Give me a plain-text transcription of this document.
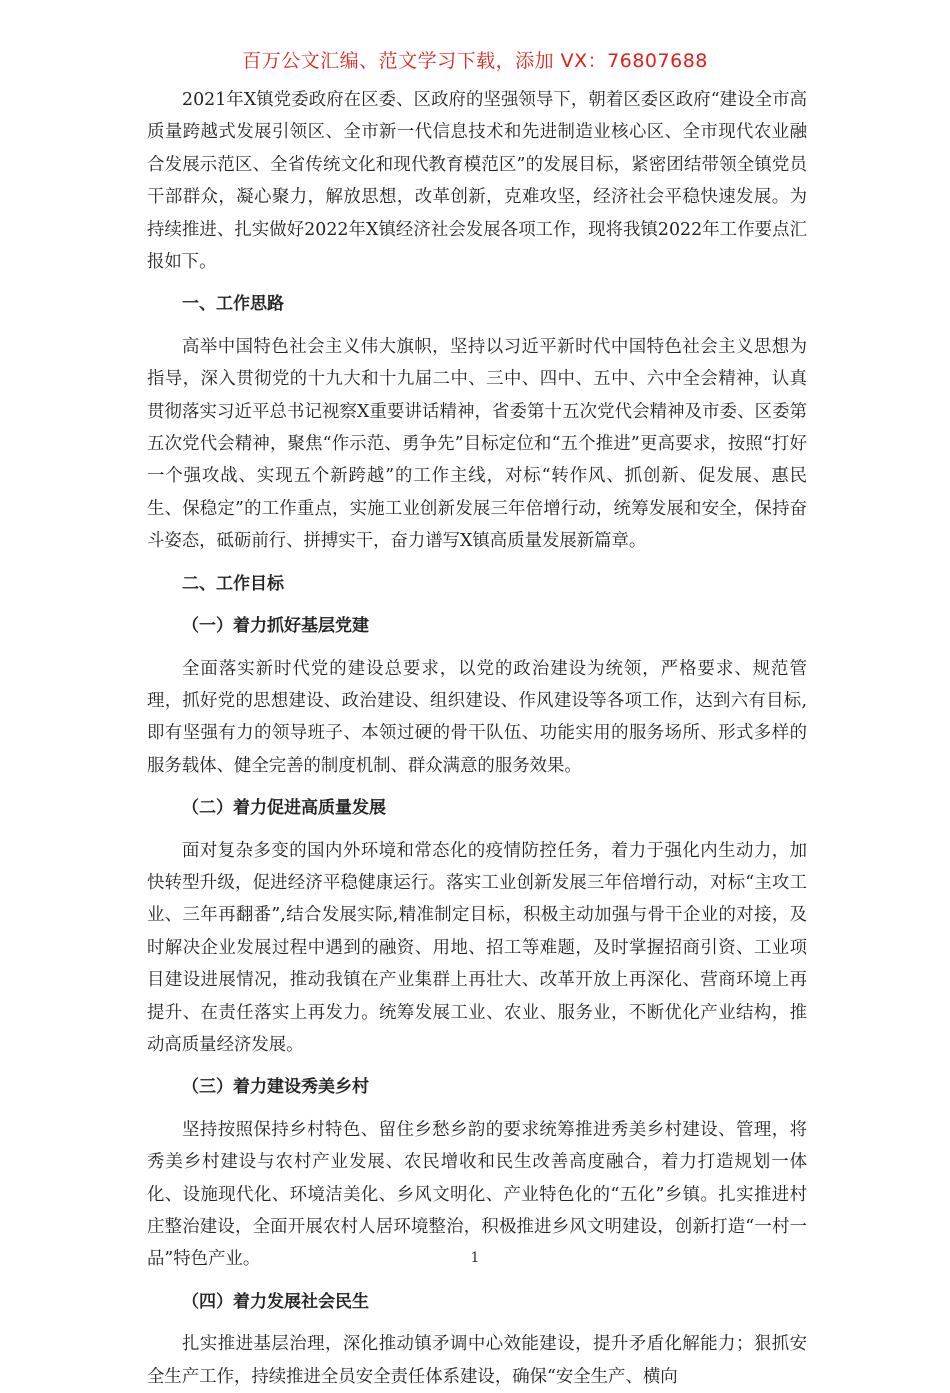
百万公文汇编、范文学习下载，添加 VX：76807688

2021年X镇党委政府在区委、区政府的坚强领导下，朝着区委区政府“建设全市高质量跨越式发展引领区、全市新一代信息技术和先进制造业核心区、全市现代农业融合发展示范区、全省传统文化和现代教育模范区”的发展目标，紧密团结带领全镇党员干部群众，凝心聚力，解放思想，改革创新，克难攻坚，经济社会平稳快速发展。为持续推进、扎实做好2022年X镇经济社会发展各项工作，现将我镇2022年工作要点汇报如下。

一、工作思路

高举中国特色社会主义伟大旗帜，坚持以习近平新时代中国特色社会主义思想为指导，深入贯彻党的十九大和十九届二中、三中、四中、五中、六中全会精神，认真贯彻落实习近平总书记视察X重要讲话精神，省委第十五次党代会精神及市委、区委第五次党代会精神，聚焦“作示范、勇争先”目标定位和“五个推进”更高要求，按照“打好一个强攻战、实现五个新跨越”的工作主线，对标“转作风、抓创新、促发展、惠民生、保稳定”的工作重点，实施工业创新发展三年倍增行动，统筹发展和安全，保持奋斗姿态，砥砺前行、拼搏实干，奋力谱写X镇高质量发展新篇章。

二、工作目标

（一）着力抓好基层党建

全面落实新时代党的建设总要求，以党的政治建设为统领，严格要求、规范管理，抓好党的思想建设、政治建设、组织建设、作风建设等各项工作，达到六有目标,即有坚强有力的领导班子、本领过硬的骨干队伍、功能实用的服务场所、形式多样的服务载体、健全完善的制度机制、群众满意的服务效果。

（二）着力促进高质量发展

面对复杂多变的国内外环境和常态化的疫情防控任务，着力于强化内生动力，加快转型升级，促进经济平稳健康运行。落实工业创新发展三年倍增行动，对标“主攻工业、三年再翻番”,结合发展实际,精准制定目标，积极主动加强与骨干企业的对接，及时解决企业发展过程中遇到的融资、用地、招工等难题，及时掌握招商引资、工业项目建设进展情况，推动我镇在产业集群上再壮大、改革开放上再深化、营商环境上再提升、在责任落实上再发力。统筹发展工业、农业、服务业，不断优化产业结构，推动高质量经济发展。

（三）着力建设秀美乡村

坚持按照保持乡村特色、留住乡愁乡韵的要求统筹推进秀美乡村建设、管理，将秀美乡村建设与农村产业发展、农民增收和民生改善高度融合，着力打造规划一体化、设施现代化、环境洁美化、乡风文明化、产业特色化的“五化”乡镇。扎实推进村庄整治建设，全面开展农村人居环境整治，积极推进乡风文明建设，创新打造“一村一品”特色产业。

（四）着力发展社会民生

扎实推进基层治理，深化推动镇矛调中心效能建设，提升矛盾化解能力；狠抓安全生产工作，持续推进全员安全责任体系建设，确保“安全生产、横向

1
